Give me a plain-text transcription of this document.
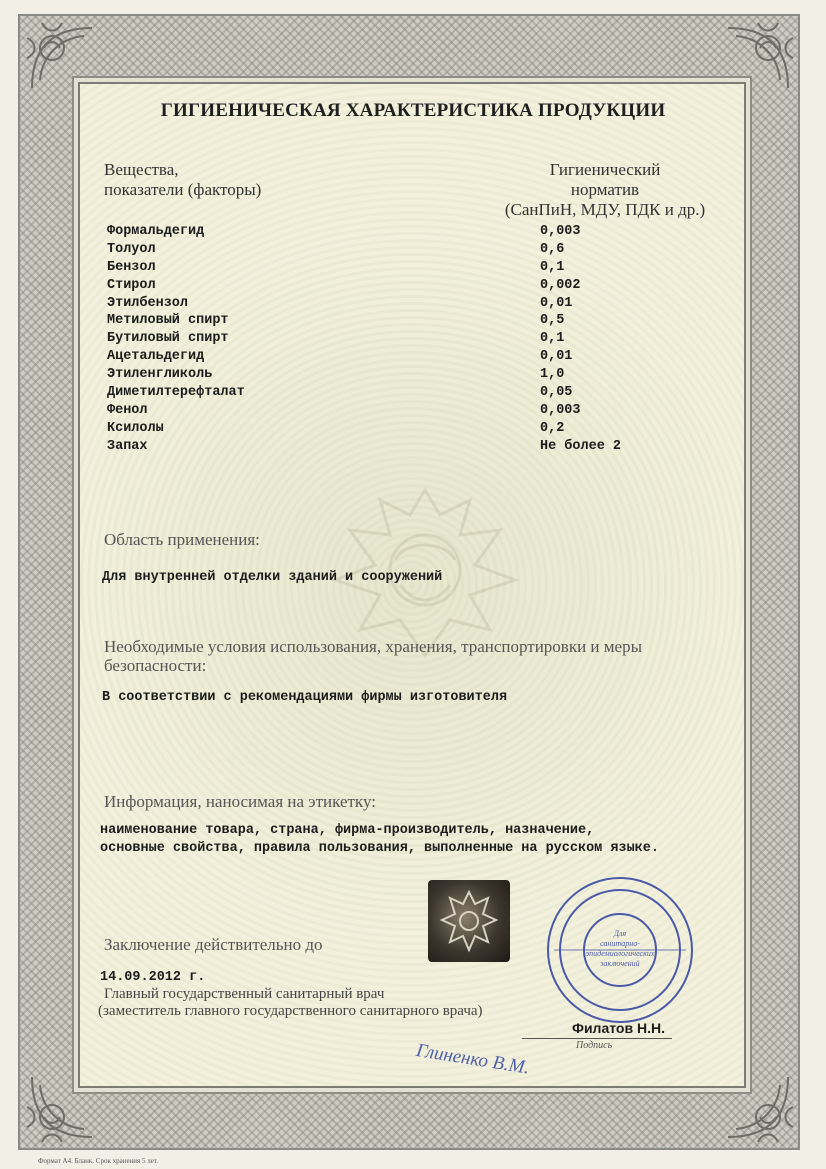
ГИГИЕНИЧЕСКАЯ ХАРАКТЕРИСТИКА ПРОДУКЦИИ
Вещества,
показатели (факторы)
Гигиенический
норматив
(СанПиН, МДУ, ПДК и др.)
Формальдегид	0,003
Толуол	0,6
Бензол	0,1
Стирол	0,002
Этилбензол	0,01
Метиловый спирт	0,5
Бутиловый спирт	0,1
Ацетальдегид	0,01
Этиленгликоль	1,0
Диметилтерефталат	0,05
Фенол	0,003
Ксилолы	0,2
Запах	Не более 2
Область применения:
Для внутренней отделки зданий и сооружений
Необходимые условия использования, хранения, транспортировки и меры
безопасности:
В соответствии с рекомендациями фирмы изготовителя
Информация, наносимая на этикетку:
наименование товара, страна, фирма-производитель, назначение,
основные свойства, правила пользования, выполненные на русском языке.
Заключение действительно до
14.09.2012 г.
Главный государственный санитарный врач
(заместитель главного государственного санитарного врача)
Для
санитарно-
эпидемиологических
заключений
Филатов Н.Н.
Подпись
Глиненко В.М.
Формат А4. Бланк. Срок хранения 5 лет.
